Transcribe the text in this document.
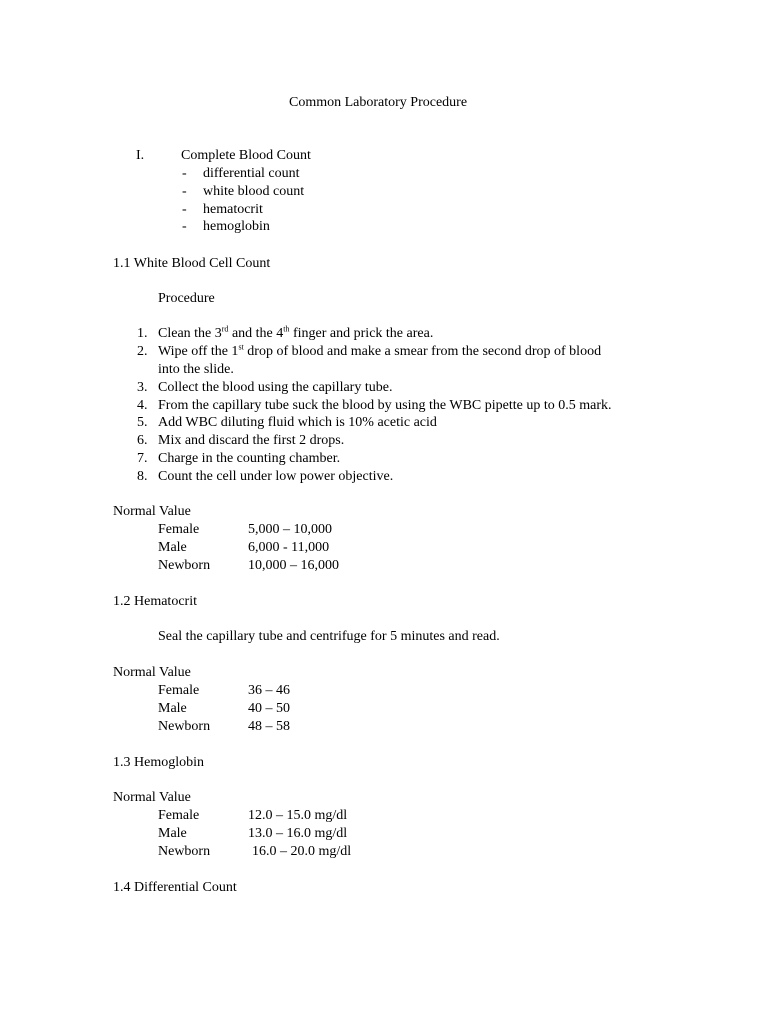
Common Laboratory Procedure
I.	Complete Blood Count
- differential count
- white blood count
- hematocrit
- hemoglobin
1.1 White Blood Cell Count
Procedure
1. Clean the 3rd and the 4th finger and prick the area.
2. Wipe off the 1st drop of blood and make a smear from the second drop of blood
into the slide.
3. Collect the blood using the capillary tube.
4. From the capillary tube suck the blood by using the WBC pipette up to 0.5 mark.
5. Add WBC diluting fluid which is 10% acetic acid
6. Mix and discard the first 2 drops.
7. Charge in the counting chamber.
8. Count the cell under low power objective.
Normal Value
Female	5,000 – 10,000
Male	6,000 - 11,000
Newborn	10,000 – 16,000
1.2 Hematocrit
Seal the capillary tube and centrifuge for 5 minutes and read.
Normal Value
Female	36 – 46
Male	40 – 50
Newborn	48 – 58
1.3 Hemoglobin
Normal Value
Female	12.0 – 15.0 mg/dl
Male	13.0 – 16.0 mg/dl
Newborn	16.0 – 20.0 mg/dl
1.4 Differential Count
